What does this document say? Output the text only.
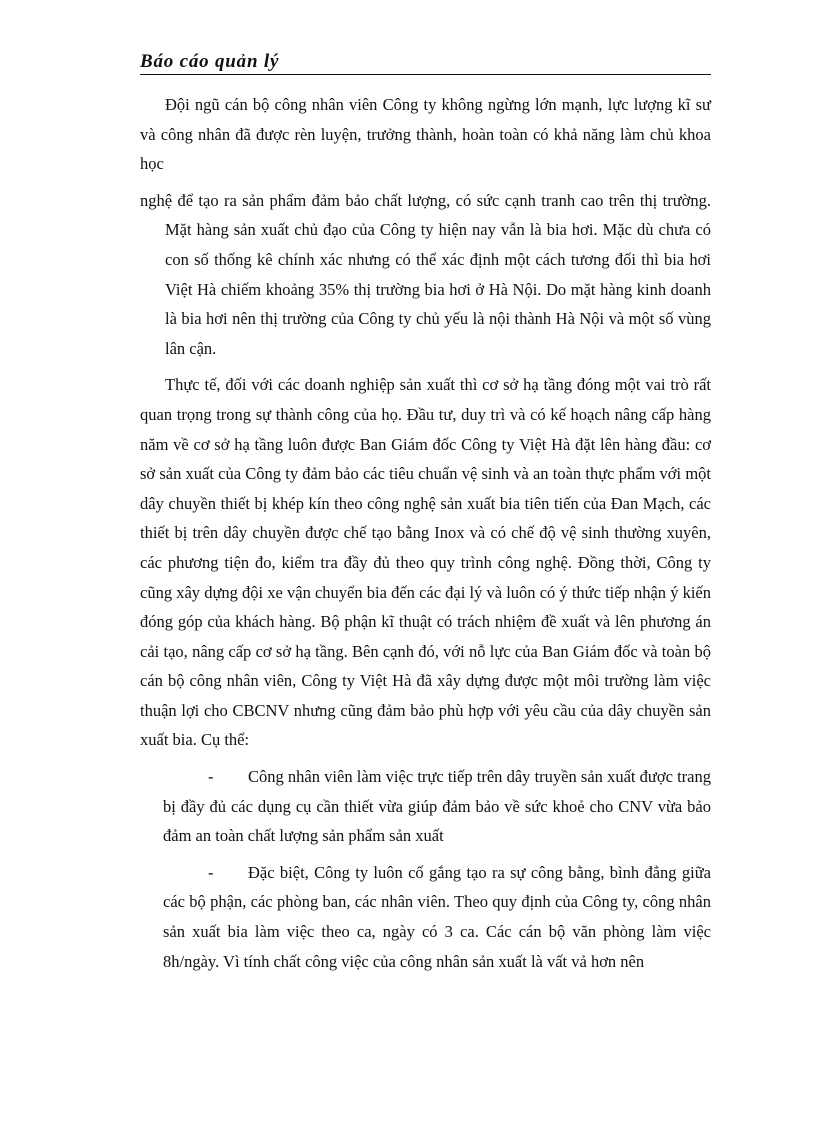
Báo cáo quản lý

Đội ngũ cán bộ công nhân viên Công ty không ngừng lớn mạnh, lực lượng kĩ sư và công nhân đã được rèn luyện, trưởng thành, hoàn toàn có khả năng làm chủ khoa học

nghệ để tạo ra sản phẩm đảm bảo chất lượng, có sức cạnh tranh cao trên thị trường. Mặt hàng sản xuất chủ đạo của Công ty hiện nay vẫn là bia hơi. Mặc dù chưa có con số thống kê chính xác nhưng có thể xác định một cách tương đối thì bia hơi Việt Hà chiếm khoảng 35% thị trường bia hơi ở Hà Nội. Do mặt hàng kinh doanh là bia hơi nên thị trường của Công ty chủ yếu là nội thành Hà Nội và một số vùng lân cận.

Thực tế, đối với các doanh nghiệp sản xuất thì cơ sở hạ tầng đóng một vai trò rất quan trọng trong sự thành công của họ. Đầu tư, duy trì và có kế hoạch nâng cấp hàng năm về cơ sở hạ tầng luôn được Ban Giám đốc Công ty Việt Hà đặt lên hàng đầu: cơ sở sản xuất của Công ty đảm bảo các tiêu chuẩn vệ sinh và an toàn thực phẩm với một dây chuyền thiết bị khép kín theo công nghệ sản xuất bia tiên tiến của Đan Mạch, các thiết bị trên dây chuyền được chế tạo bằng Inox và có chế độ vệ sinh thường xuyên, các phương tiện đo, kiểm tra đầy đủ theo quy trình công nghệ. Đồng thời, Công ty cũng xây dựng đội xe vận chuyển bia đến các đại lý và luôn có ý thức tiếp nhận ý kiến đóng góp của khách hàng. Bộ phận kĩ thuật có trách nhiệm đề xuất và lên phương án cải tạo, nâng cấp cơ sở hạ tầng. Bên cạnh đó, với nỗ lực của Ban Giám đốc và toàn bộ cán bộ công nhân viên, Công ty Việt Hà đã xây dựng được một môi trường làm việc thuận lợi cho CBCNV nhưng cũng đảm bảo phù hợp với yêu cầu của dây chuyền sản xuất bia. Cụ thể:

- Công nhân viên làm việc trực tiếp trên dây truyền sản xuất được trang bị đầy đủ các dụng cụ cần thiết vừa giúp đảm bảo về sức khoẻ cho CNV vừa bảo đảm an toàn chất lượng sản phẩm sản xuất

- Đặc biệt, Công ty luôn cố gắng tạo ra sự công bằng, bình đẳng giữa các bộ phận, các phòng ban, các nhân viên. Theo quy định của Công ty, công nhân sản xuất bia làm việc theo ca, ngày có 3 ca. Các cán bộ văn phòng làm việc 8h/ngày. Vì tính chất công việc của công nhân sản xuất là vất vả hơn nên
